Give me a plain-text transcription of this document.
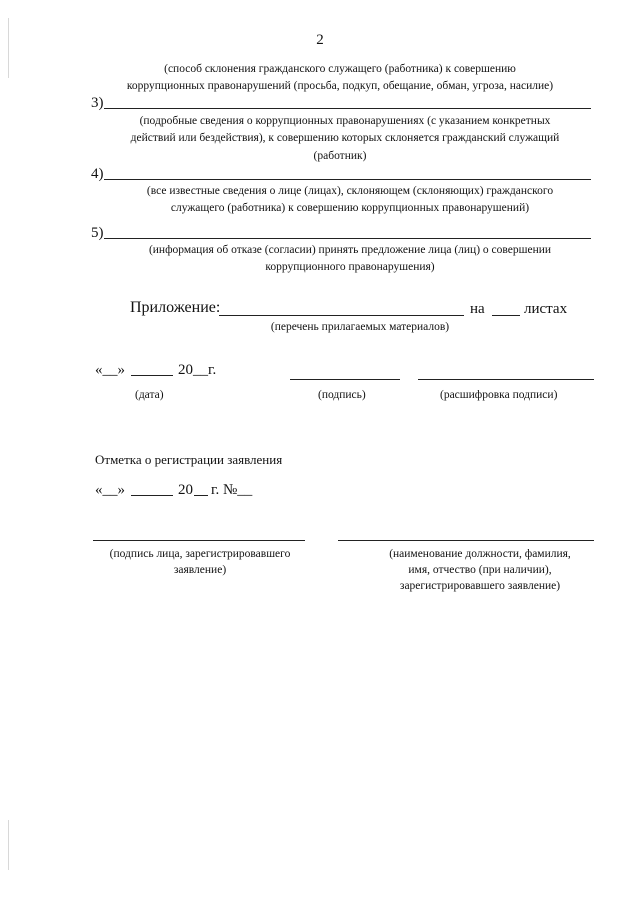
2
(способ склонения гражданского служащего (работника) к совершению
коррупционных правонарушений (просьба, подкуп, обещание, обман, угроза, насилие)
3)
(подробные сведения о коррупционных правонарушениях (с указанием конкретных
действий или бездействия), к совершению которых склоняется гражданский служащий
(работник)
4)
(все известные сведения о лице (лицах), склоняющем (склоняющих) гражданского
служащего (работника) к совершению коррупционных правонарушений)
5)
(информация об отказе (согласии) принять предложение лица (лиц) о совершении
коррупционного правонарушения)
Приложение:	на	листах
(перечень прилагаемых материалов)
«__»	20__г.
(дата)	(подпись)	(расшифровка подписи)
Отметка о регистрации заявления
«__»	20 г. №__
(подпись лица, зарегистрировавшего
заявление)
(наименование должности, фамилия,
имя, отчество (при наличии),
зарегистрировавшего заявление)
